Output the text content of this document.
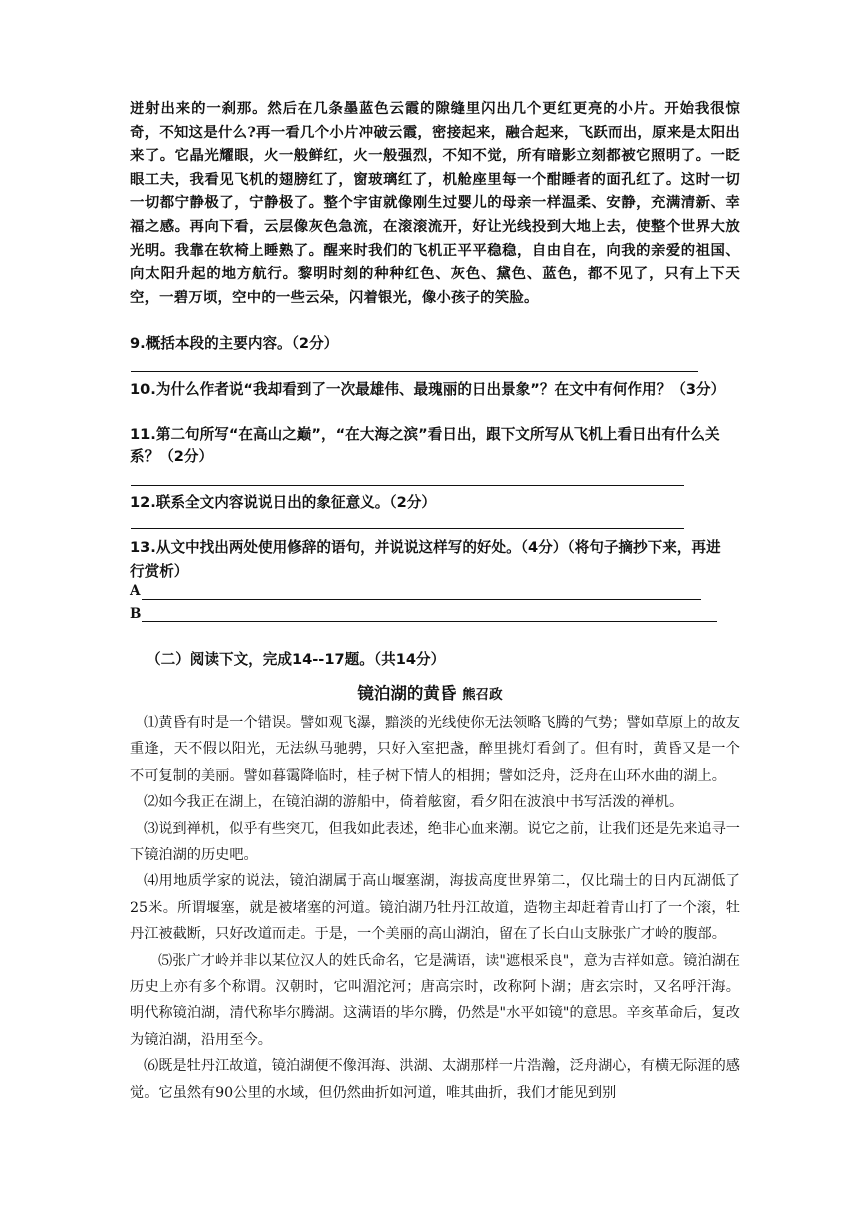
迸射出来的一刹那。然后在几条墨蓝色云霞的隙缝里闪出几个更红更亮的小片。开始我很惊奇，不知这是什么?再一看几个小片冲破云霞，密接起来，融合起来，飞跃而出，原来是太阳出来了。它晶光耀眼，火一般鲜红，火一般强烈，不知不觉，所有暗影立刻都被它照明了。一眨眼工夫，我看见飞机的翅膀红了，窗玻璃红了，机舱座里每一个酣睡者的面孔红了。这时一切一切都宁静极了，宁静极了。整个宇宙就像刚生过婴儿的母亲一样温柔、安静，充满清新、幸福之感。再向下看，云层像灰色急流，在滚滚流开，好让光线投到大地上去，使整个世界大放光明。我靠在软椅上睡熟了。醒来时我们的飞机正平平稳稳，自由自在，向我的亲爱的祖国、向太阳升起的地方航行。黎明时刻的种种红色、灰色、黛色、蓝色，都不见了，只有上下天空，一碧万顷，空中的一些云朵，闪着银光，像小孩子的笑脸。
9.概括本段的主要内容。（2分）
10.为什么作者说“我却看到了一次最雄伟、最瑰丽的日出景象”？在文中有何作用？（3分）
11.第二句所写“在高山之巅”，“在大海之滨”看日出，跟下文所写从飞机上看日出有什么关系？（2分）
12.联系全文内容说说日出的象征意义。（2分）
13.从文中找出两处使用修辞的语句，并说说这样写的好处。（4分）（将句子摘抄下来，再进行赏析）
A
B
（二）阅读下文，完成14--17题。（共14分）
镜泊湖的黄昏 熊召政

⑴黄昏有时是一个错误。譬如观飞瀑，黯淡的光线使你无法领略飞腾的气势；譬如草原上的故友重逢，天不假以阳光，无法纵马驰骋，只好入室把盏，醉里挑灯看剑了。但有时，黄昏又是一个不可复制的美丽。譬如暮霭降临时，桂子树下情人的相拥；譬如泛舟，泛舟在山环水曲的湖上。

⑵如今我正在湖上，在镜泊湖的游船中，倚着舷窗，看夕阳在波浪中书写活泼的禅机。

⑶说到禅机，似乎有些突兀，但我如此表述，绝非心血来潮。说它之前，让我们还是先来追寻一下镜泊湖的历史吧。

⑷用地质学家的说法，镜泊湖属于高山堰塞湖，海拔高度世界第二，仅比瑞士的日内瓦湖低了25米。所谓堰塞，就是被堵塞的河道。镜泊湖乃牡丹江故道，造物主却赶着青山打了一个滚，牡丹江被截断，只好改道而走。于是，一个美丽的高山湖泊，留在了长白山支脉张广才岭的腹部。

⑸张广才岭并非以某位汉人的姓氏命名，它是满语，读"遮根采良"，意为吉祥如意。镜泊湖在历史上亦有多个称谓。汉朝时，它叫湄沱河；唐高宗时，改称阿卜湖；唐玄宗时，又名呼汗海。明代称镜泊湖，清代称毕尔腾湖。这满语的毕尔腾，仍然是"水平如镜"的意思。辛亥革命后，复改为镜泊湖，沿用至今。

⑹既是牡丹江故道，镜泊湖便不像洱海、洪湖、太湖那样一片浩瀚，泛舟湖心，有横无际涯的感觉。它虽然有90公里的水域，但仍然曲折如河道，唯其曲折，我们才能见到别
